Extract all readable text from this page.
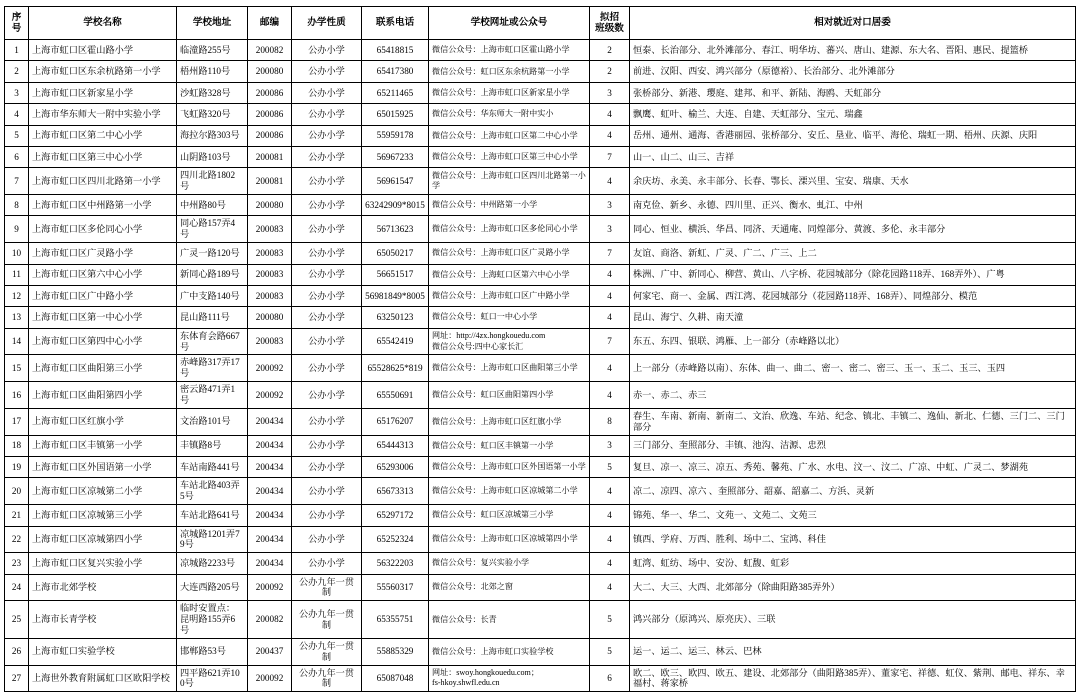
序号	学校名称	学校地址	邮编	办学性质	联系电话	学校网址或公众号	拟招
班级数	相对就近对口居委
1	上海市虹口区霍山路小学	临潼路255号	200082	公办小学	65418815	微信公众号：上海市虹口区霍山路小学	2	恒泰、长治部分、北外滩部分、春江、明华坊、蕃兴、唐山、建源、东大名、晋阳、惠民、提篮桥
2	上海市虹口区东余杭路第一小学	梧州路110号	200080	公办小学	65417380	微信公众号：虹口区东余杭路第一小学	2	前进、汉阳、西安、鸿兴部分（原德裕）、长治部分、北外滩部分
3	上海市虹口区新家星小学	沙虹路328号	200086	公办小学	65211465	微信公众号：上海市虹口区新家星小学	3	张桥部分、新港、璎庭、建邦、和平、新陆、海鸥、天虹部分
4	上海市华东师大一附中实验小学	飞虹路320号	200086	公办小学	65015925	微信公众号：华东师大一附中实小	4	飘鹰、虹叶、榆兰、大连、自建、天虹部分、宝元、瑞鑫
5	上海市虹口区第二中心小学	海拉尔路303号	200086	公办小学	55959178	微信公众号：上海市虹口区第二中心小学	4	岳州、通州、通海、香港丽园、张桥部分、安丘、垦业、临平、海伦、瑞虹一期、梧州、庆源、庆阳
6	上海市虹口区第三中心小学	山阴路103号	200081	公办小学	56967233	微信公众号：上海市虹口区第三中心小学	7	山一、山二、山三、吉祥
7	上海市虹口区四川北路第一小学	四川北路1802号	200081	公办小学	56961547	微信公众号：上海市虹口区四川北路第一小学	4	余庆坊、永美、永丰部分、长春、鄂长、溧兴里、宝安、瑞康、天水
8	上海市虹口区中州路第一小学	中州路80号	200080	公办小学	63242909*8015	微信公众号：中州路第一小学	3	南克俭、新乡、永德、四川里、正兴、衡水、虬江、中州
9	上海市虹口区多伦同心小学	同心路157弄4号	200083	公办小学	56713623	微信公众号：上海市虹口区多伦同心小学	3	同心、恒业、横浜、华昌、同济、天通庵、同煌部分、黄渡、多伦、永丰部分
10	上海市虹口区广灵路小学	广灵一路120号	200083	公办小学	65050217	微信公众号：上海市虹口区广灵路小学	7	友谊、商洛、新虹、广灵、广二、广三、上二
11	上海市虹口区第六中心小学	新同心路189号	200083	公办小学	56651517	微信公众号：上海虹口区第六中心小学	4	株洲、广中、新同心、柳营、黄山、八字桥、花园城部分（除花园路118弄、168弄外）、广粤
12	上海市虹口区广中路小学	广中支路140号	200083	公办小学	56981849*8005	微信公众号：上海市虹口区广中路小学	4	何家宅、商一、金属、西江湾、花园城部分（花园路118弄、168弄）、同煌部分、模范
13	上海市虹口区第一中心小学	昆山路111号	200080	公办小学	63250123	微信公众号：虹口一中心小学	4	昆山、海宁、久耕、南天潼
14	上海市虹口区第四中心小学	东体育会路667号	200083	公办小学	65542419	网址：http://4zx.hongkouedu.com
微信公众号:四中心家长汇	7	东五、东四、银联、鸿雁、上一部分（赤峰路以北）
15	上海市虹口区曲阳第三小学	赤峰路317弄17号	200092	公办小学	65528625*819	微信公众号：上海市虹口区曲阳第三小学	4	上一部分（赤峰路以南）、东体、曲一、曲二、密一、密二、密三、玉一、玉二、玉三、玉四
16	上海市虹口区曲阳第四小学	密云路471弄1号	200092	公办小学	65550691	微信公众号：虹口区曲阳第四小学	4	赤一、赤二、赤三
17	上海市虹口区红旗小学	文治路101号	200434	公办小学	65176207	微信公众号：上海市虹口区红旗小学	8	春生、车南、新南、新南二、文治、欣逸、车站、纪念、镇北、丰镇二、逸仙、新北、仁德、三门二、三门部分
18	上海市虹口区丰镇第一小学	丰镇路8号	200434	公办小学	65444313	微信公众号：虹口区丰镇第一小学	3	三门部分、奎照部分、丰镇、池沟、洁源、忠烈
19	上海市虹口区外国语第一小学	车站南路441号	200434	公办小学	65293006	微信公众号：上海市虹口区外国语第一小学	5	复旦、凉一、凉三、凉五、秀苑、馨苑、广水、水电、汶一、汶二、广凉、中虹、广灵二、梦湖苑
20	上海市虹口区凉城第二小学	车站北路403弄5号	200434	公办小学	65673313	微信公众号：上海市虹口区凉城第二小学	4	凉二、凉四、凉六 、奎照部分、韶嘉、韶嘉二、方浜、灵新
21	上海市虹口区凉城第三小学	车站北路641号	200434	公办小学	65297172	微信公众号：虹口区凉城第三小学	4	锦苑、华一、华二、文苑一、文苑二、文苑三
22	上海市虹口区凉城第四小学	凉城路1201弄79号	200434	公办小学	65252324	微信公众号：上海市虹口区凉城第四小学	4	镇西、学府、万西、胜利、场中二、宝鸿、科佳
23	上海市虹口区复兴实验小学	凉城路2233号	200434	公办小学	56322203	微信公众号：复兴实验小学	4	虹湾、虹纺、场中、安汾、虹馥、虹彩
24	上海市北郊学校	大连西路205号	200092	公办九年一贯制	55560317	微信公众号：北郊之窗	4	大二、大三、大西、北郊部分（除曲阳路385弄外）
25	上海市长青学校	临时安置点：昆明路155弄6号	200082	公办九年一贯制	65355751	微信公众号：长青	5	鸿兴部分（原鸿兴、原亮庆）、三联
26	上海市虹口实验学校	邯郸路53号	200437	公办九年一贯制	55885329	微信公众号：上海市虹口实验学校	5	运一、运二、运三、林云、巴林
27	上海世外教育附属虹口区欧阳学校	四平路621弄100号	200092	公办九年一贯制	65087048	网址：swoy.hongkouedu.com；
fs-hkoy.shwfl.edu.cn	6	欧二、欧三、欧四、欧五、建设、北郊部分（曲阳路385弄）、董家宅、祥德、虹仪、紫荆、邮电、祥东、幸福村、蒋家桥
